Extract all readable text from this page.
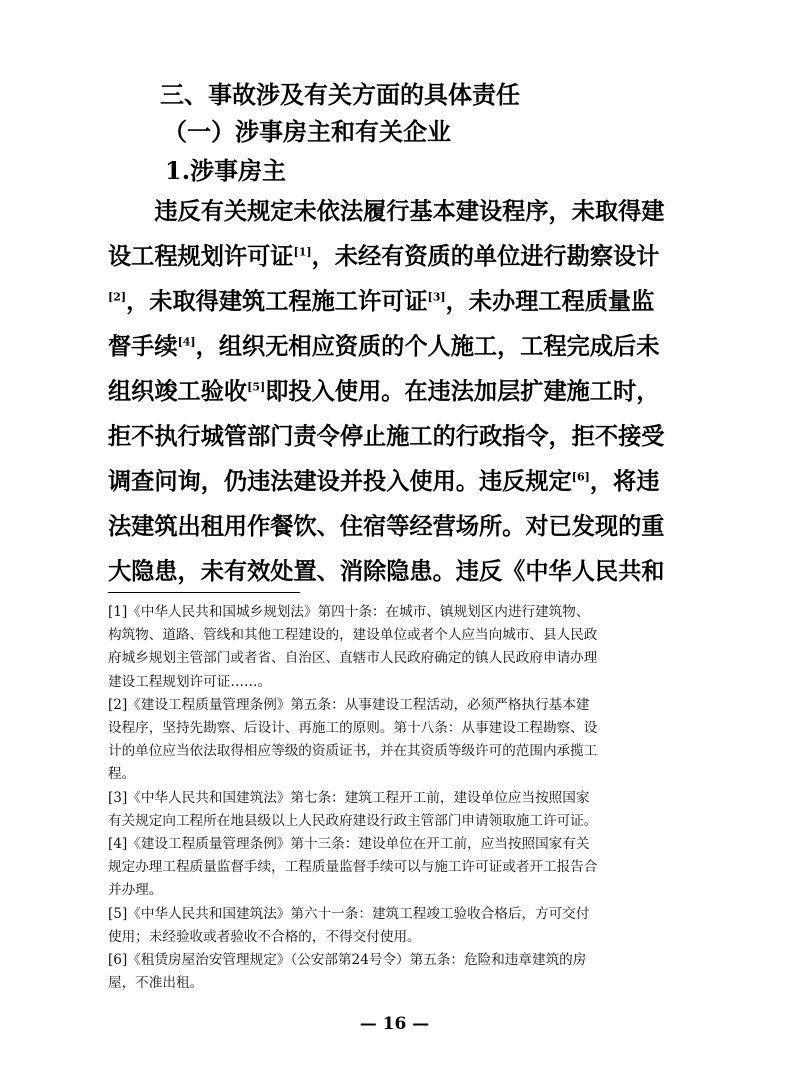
三、事故涉及有关方面的具体责任
（一）涉事房主和有关企业
1.涉事房主
　　违反有关规定未依法履行基本建设程序，未取得建
设工程规划许可证[1]，未经有资质的单位进行勘察设计
[2]，未取得建筑工程施工许可证[3]，未办理工程质量监
督手续[4]，组织无相应资质的个人施工，工程完成后未
组织竣工验收[5]即投入使用。在违法加层扩建施工时，
拒不执行城管部门责令停止施工的行政指令，拒不接受
调查问询，仍违法建设并投入使用。违反规定[6]，将违
法建筑出租用作餐饮、住宿等经营场所。对已发现的重
大隐患，未有效处置、消除隐患。违反《中华人民共和
[1]《中华人民共和国城乡规划法》第四十条：在城市、镇规划区内进行建筑物、
构筑物、道路、管线和其他工程建设的，建设单位或者个人应当向城市、县人民政
府城乡规划主管部门或者省、自治区、直辖市人民政府确定的镇人民政府申请办理
建设工程规划许可证……。
[2]《建设工程质量管理条例》第五条：从事建设工程活动，必须严格执行基本建
设程序，坚持先勘察、后设计、再施工的原则。第十八条：从事建设工程勘察、设
计的单位应当依法取得相应等级的资质证书，并在其资质等级许可的范围内承揽工
程。
[3]《中华人民共和国建筑法》第七条：建筑工程开工前，建设单位应当按照国家
有关规定向工程所在地县级以上人民政府建设行政主管部门申请领取施工许可证。
[4]《建设工程质量管理条例》第十三条：建设单位在开工前，应当按照国家有关
规定办理工程质量监督手续，工程质量监督手续可以与施工许可证或者开工报告合
并办理。
[5]《中华人民共和国建筑法》第六十一条：建筑工程竣工验收合格后，方可交付
使用；未经验收或者验收不合格的，不得交付使用。
[6]《租赁房屋治安管理规定》（公安部第24号令）第五条：危险和违章建筑的房
屋，不准出租。
— 16 —
